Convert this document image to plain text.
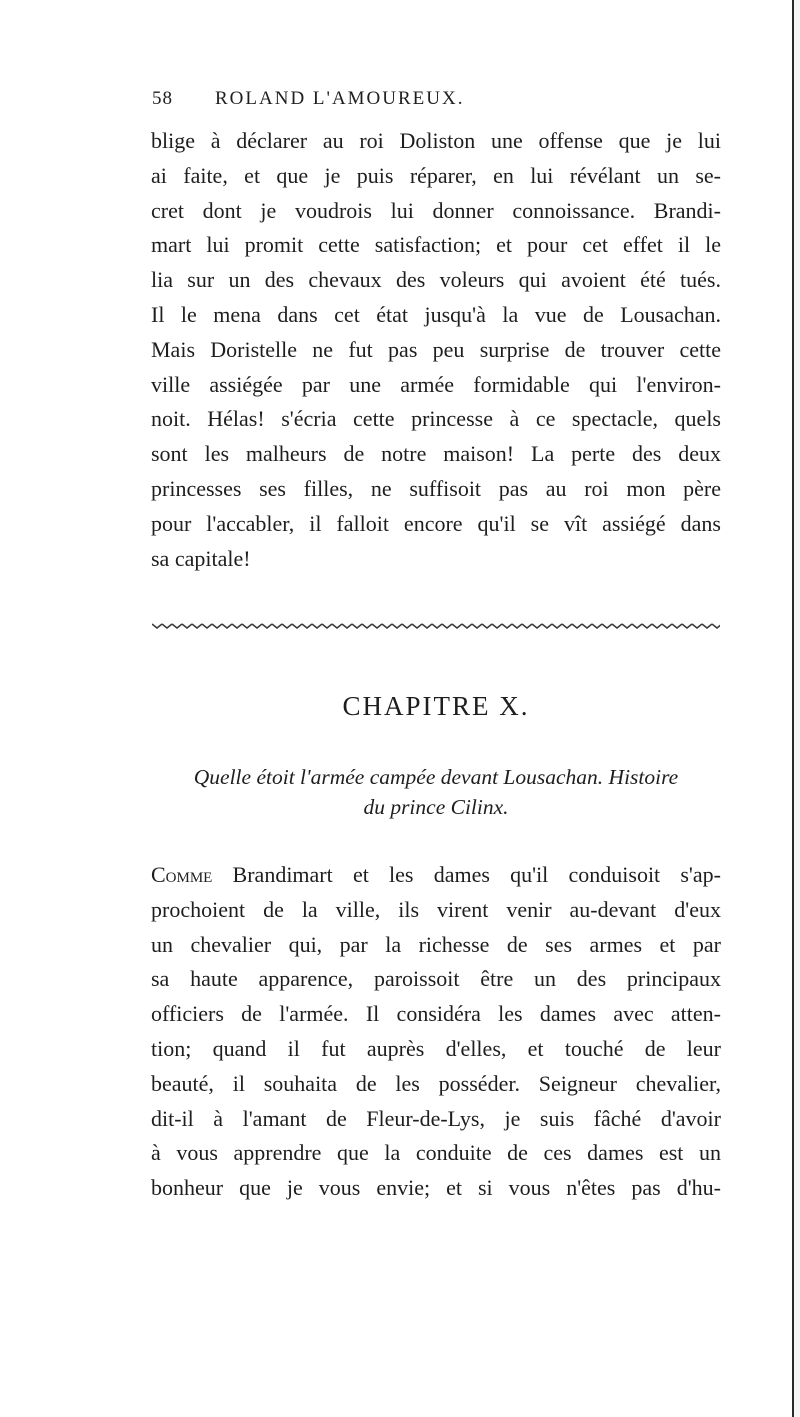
58 ROLAND L'AMOUREUX.
blige à déclarer au roi Doliston une offense que je lui
ai faite, et que je puis réparer, en lui révélant un se-
cret dont je voudrois lui donner connoissance. Brandi-
mart lui promit cette satisfaction; et pour cet effet il le
lia sur un des chevaux des voleurs qui avoient été tués.
Il le mena dans cet état jusqu'à la vue de Lousachan.
Mais Doristelle ne fut pas peu surprise de trouver cette
ville assiégée par une armée formidable qui l'environ-
noit. Hélas! s'écria cette princesse à ce spectacle, quels
sont les malheurs de notre maison! La perte des deux
princesses ses filles, ne suffisoit pas au roi mon père
pour l'accabler, il falloit encore qu'il se vît assiégé dans
sa capitale!
CHAPITRE X.
Quelle étoit l'armée campée devant Lousachan. Histoire
du prince Cilinx.
Comme Brandimart et les dames qu'il conduisoit s'ap-
prochoient de la ville, ils virent venir au-devant d'eux
un chevalier qui, par la richesse de ses armes et par
sa haute apparence, paroissoit être un des principaux
officiers de l'armée. Il considéra les dames avec atten-
tion; quand il fut auprès d'elles, et touché de leur
beauté, il souhaita de les posséder. Seigneur chevalier,
dit-il à l'amant de Fleur-de-Lys, je suis fâché d'avoir
à vous apprendre que la conduite de ces dames est un
bonheur que je vous envie; et si vous n'êtes pas d'hu-
